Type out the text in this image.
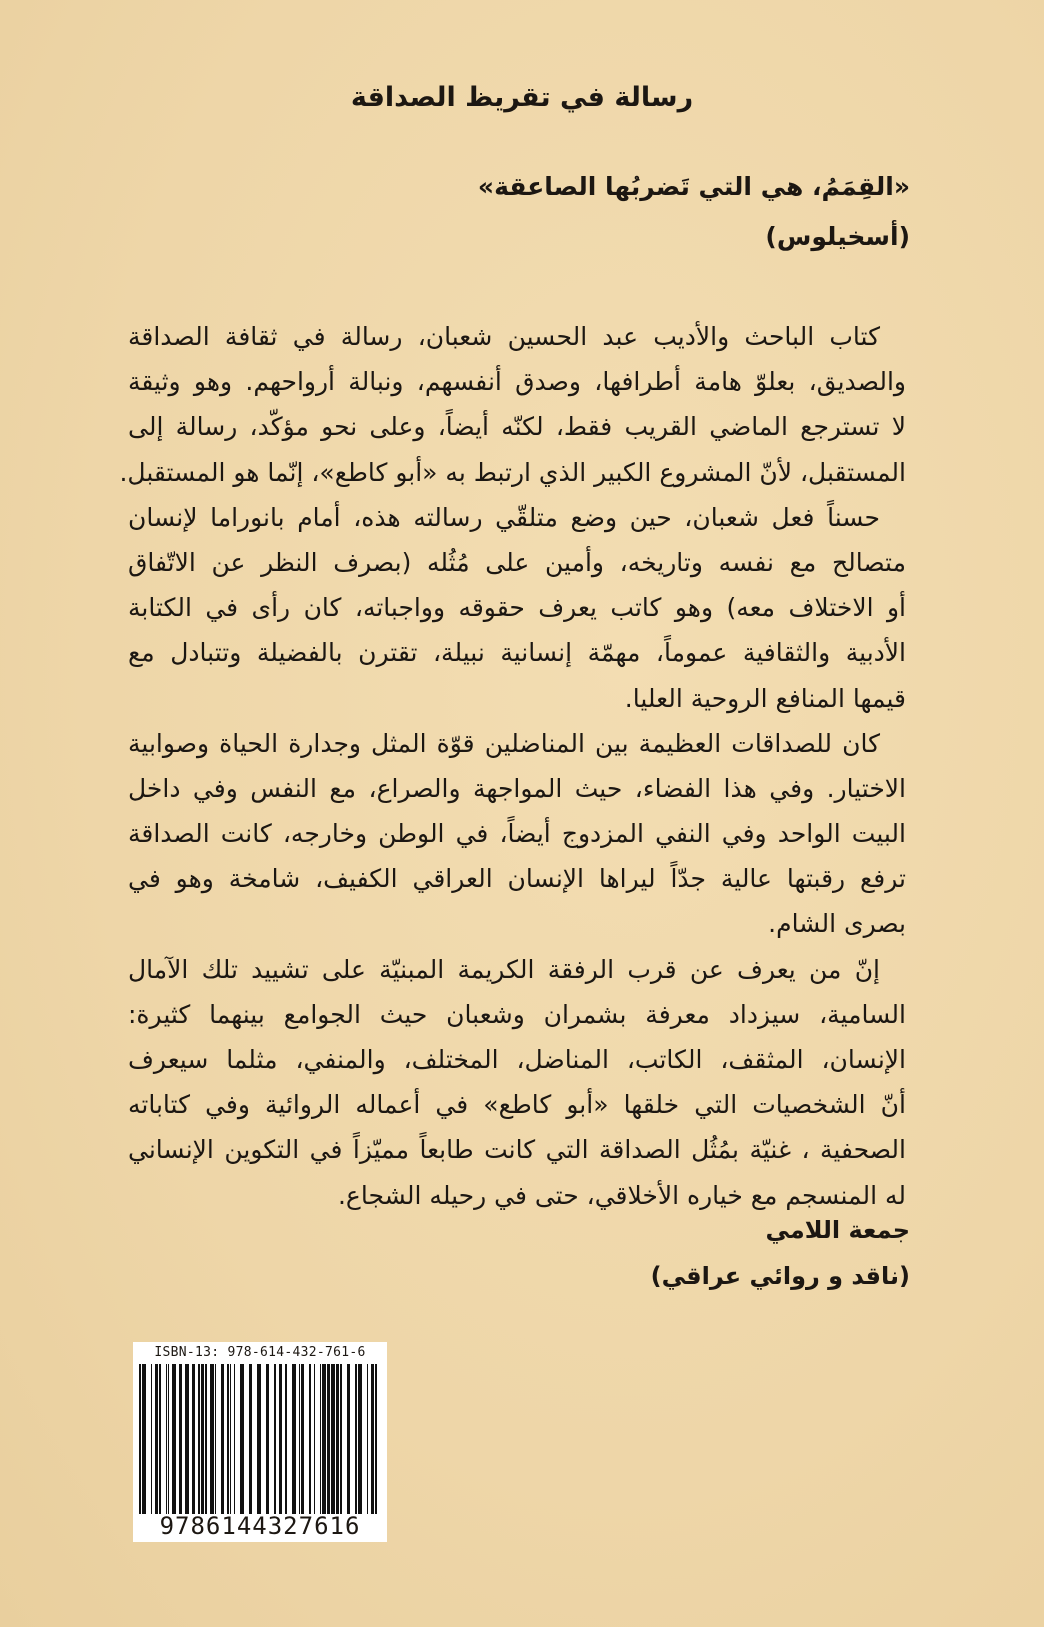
رسالة في تقريظ الصداقة
«القِمَمُ، هي التي تَضربُها الصاعقة»
(أسخيلوس)
كتاب الباحث والأديب عبد الحسين شعبان، رسالة في ثقافة الصداقة
والصديق، بعلوّ هامة أطرافها، وصدق أنفسهم، ونبالة أرواحهم. وهو وثيقة
لا تسترجع الماضي القريب فقط، لكنّه أيضاً، وعلى نحو مؤكّد، رسالة إلى
المستقبل، لأنّ المشروع الكبير الذي ارتبط به «أبو كاطع»، إنّما هو المستقبل.
حسناً فعل شعبان، حين وضع متلقّي رسالته هذه، أمام بانوراما لإنسان
متصالح مع نفسه وتاريخه، وأمين على مُثُله (بصرف النظر عن الاتّفاق
أو الاختلاف معه) وهو كاتب يعرف حقوقه وواجباته، كان رأى في الكتابة
الأدبية والثقافية عموماً، مهمّة إنسانية نبيلة، تقترن بالفضيلة وتتبادل مع
قيمها المنافع الروحية العليا.
كان للصداقات العظيمة بين المناضلين قوّة المثل وجدارة الحياة وصوابية
الاختيار. وفي هذا الفضاء، حيث المواجهة والصراع، مع النفس وفي داخل
البيت الواحد وفي النفي المزدوج أيضاً، في الوطن وخارجه، كانت الصداقة
ترفع رقبتها عالية جدّاً ليراها الإنسان العراقي الكفيف، شامخة وهو في
بصرى الشام.
إنّ من يعرف عن قرب الرفقة الكريمة المبنيّة على تشييد تلك الآمال
السامية، سيزداد معرفة بشمران وشعبان حيث الجوامع بينهما كثيرة:
الإنسان، المثقف، الكاتب، المناضل، المختلف، والمنفي، مثلما سيعرف
أنّ الشخصيات التي خلقها «أبو كاطع» في أعماله الروائية وفي كتاباته
الصحفية ، غنيّة بمُثُل الصداقة التي كانت طابعاً مميّزاً في التكوين الإنساني
له المنسجم مع خياره الأخلاقي، حتى في رحيله الشجاع.
جمعة اللامي
(ناقد و روائي عراقي)
ISBN-13: 978-614-432-761-6
9786144327616
